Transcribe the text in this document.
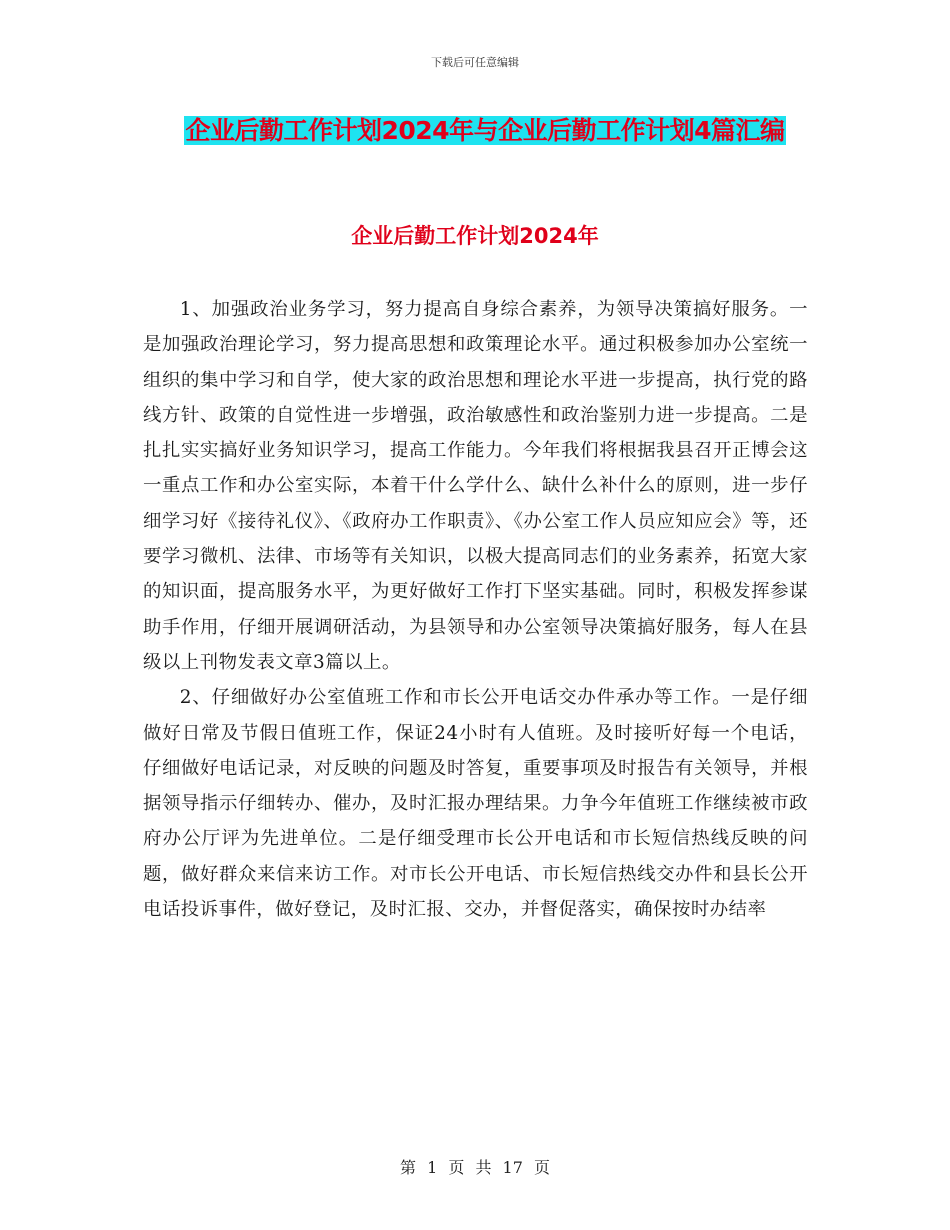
下载后可任意编辑
企业后勤工作计划2024年与企业后勤工作计划4篇汇编
企业后勤工作计划2024年

1、加强政治业务学习，努力提高自身综合素养，为领导决策搞好服务。一是加强政治理论学习，努力提高思想和政策理论水平。通过积极参加办公室统一组织的集中学习和自学，使大家的政治思想和理论水平进一步提高，执行党的路线方针、政策的自觉性进一步增强，政治敏感性和政治鉴别力进一步提高。二是扎扎实实搞好业务知识学习，提高工作能力。今年我们将根据我县召开正博会这一重点工作和办公室实际，本着干什么学什么、缺什么补什么的原则，进一步仔细学习好《接待礼仪》、《政府办工作职责》、《办公室工作人员应知应会》等，还要学习微机、法律、市场等有关知识，以极大提高同志们的业务素养，拓宽大家的知识面，提高服务水平，为更好做好工作打下坚实基础。同时，积极发挥参谋助手作用，仔细开展调研活动，为县领导和办公室领导决策搞好服务，每人在县级以上刊物发表文章3篇以上。

2、仔细做好办公室值班工作和市长公开电话交办件承办等工作。一是仔细做好日常及节假日值班工作，保证24小时有人值班。及时接听好每一个电话，仔细做好电话记录，对反映的问题及时答复，重要事项及时报告有关领导，并根据领导指示仔细转办、催办，及时汇报办理结果。力争今年值班工作继续被市政府办公厅评为先进单位。二是仔细受理市长公开电话和市长短信热线反映的问题，做好群众来信来访工作。对市长公开电话、市长短信热线交办件和县长公开电话投诉事件，做好登记，及时汇报、交办，并督促落实，确保按时办结率

第 1 页 共 17 页
